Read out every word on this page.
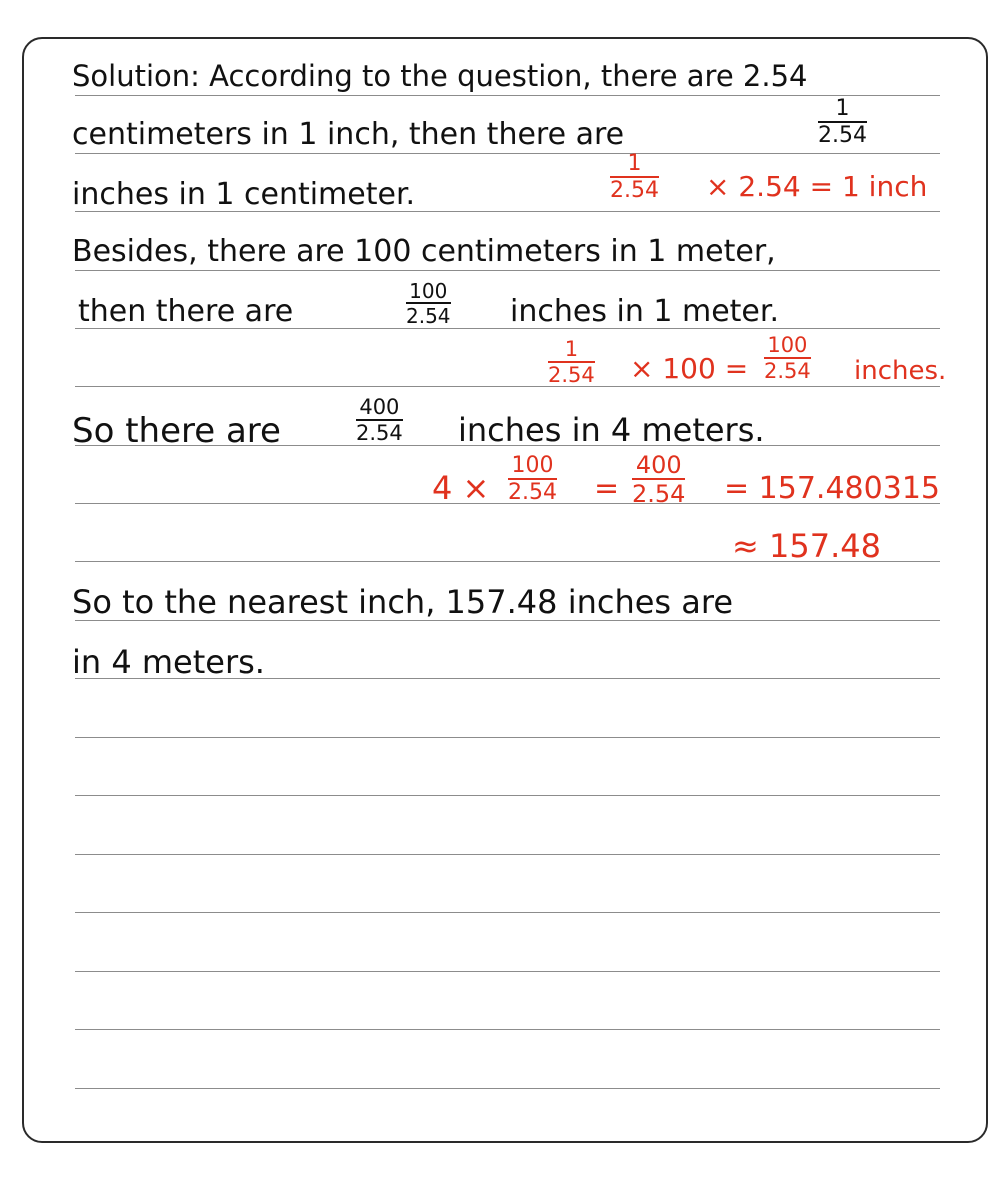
Solution: According to the question, there are 2.54
centimeters in 1 inch, then there are
1
2.54
inches in 1 centimeter.
1
2.54 × 2.54 = 1 inch
Besides, there are 100 centimeters in 1 meter,
then there are
100
2.54 inches in 1 meter.
1
2.54 × 100 =
100
2.54 inches.
So there are
400
2.54 inches in 4 meters.
4 ×
100
2.54 =
400
2.54 = 157.480315
≈ 157.48
So to the nearest inch, 157.48 inches are
in 4 meters.
